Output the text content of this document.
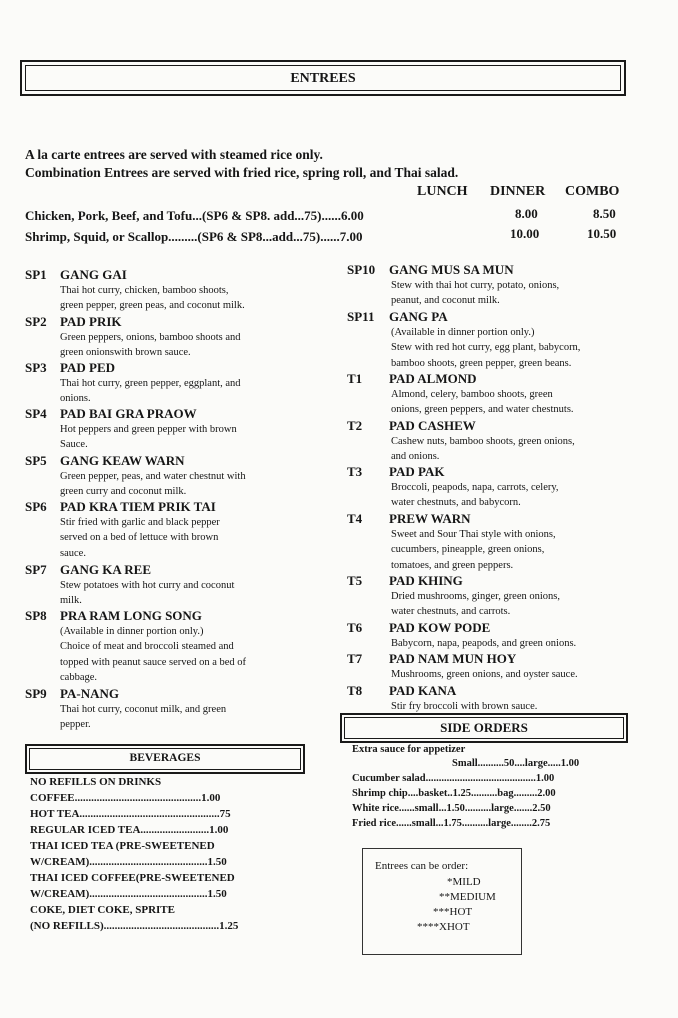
ENTREES
A la carte entrees are served with steamed rice only.
Combination Entrees are served with fried rice, spring roll, and Thai salad.
LUNCH DINNER COMBO
Chicken, Pork, Beef, and Tofu...(SP6 & SP8. add...75)......6.00	8.00	8.50
Shrimp, Squid, or Scallop.........(SP6 & SP8...add...75)......7.00	10.00	10.50
SP1 GANG GAI
Thai hot curry, chicken, bamboo shoots,
green pepper, green peas, and coconut milk.
SP2 PAD PRIK
Green peppers, onions, bamboo shoots and
green onionswith brown sauce.
SP3 PAD PED
Thai hot curry, green pepper, eggplant, and
onions.
SP4 PAD BAI GRA PRAOW
Hot peppers and green pepper with brown
Sauce.
SP5 GANG KEAW WARN
Green pepper, peas, and water chestnut with
green curry and coconut milk.
SP6 PAD KRA TIEM PRIK TAI
Stir fried with garlic and black pepper
served on a bed of lettuce with brown
sauce.
SP7 GANG KA REE
Stew potatoes with hot curry and coconut
milk.
SP8 PRA RAM LONG SONG
(Available in dinner portion only.)
Choice of meat and broccoli steamed and
topped with peanut sauce served on a bed of
cabbage.
SP9 PA-NANG
Thai hot curry, coconut milk, and green
pepper.
SP10 GANG MUS SA MUN
Stew with thai hot curry, potato, onions,
peanut, and coconut milk.
SP11 GANG PA
(Available in dinner portion only.)
Stew with red hot curry, egg plant, babycorn,
bamboo shoots, green pepper, green beans.
T1 PAD ALMOND
Almond, celery, bamboo shoots, green
onions, green peppers, and water chestnuts.
T2 PAD CASHEW
Cashew nuts, bamboo shoots, green onions,
and onions.
T3 PAD PAK
Broccoli, peapods, napa, carrots, celery,
water chestnuts, and babycorn.
T4 PREW WARN
Sweet and Sour Thai style with onions,
cucumbers, pineapple, green onions,
tomatoes, and green peppers.
T5 PAD KHING
Dried mushrooms, ginger, green onions,
water chestnuts, and carrots.
T6 PAD KOW PODE
Babycorn, napa, peapods, and green onions.
T7 PAD NAM MUN HOY
Mushrooms, green onions, and oyster sauce.
T8 PAD KANA
Stir fry broccoli with brown sauce.
BEVERAGES
NO REFILLS ON DRINKS
COFFEE..............................................1.00
HOT TEA...................................................75
REGULAR ICED TEA.........................1.00
THAI ICED TEA (PRE-SWEETENED
W/CREAM)...........................................1.50
THAI ICED COFFEE(PRE-SWEETENED
W/CREAM)...........................................1.50
COKE, DIET COKE, SPRITE
(NO REFILLS)..........................................1.25
SIDE ORDERS
Extra sauce for appetizer
Small..........50....large.....1.00
Cucumber salad..........................................1.00
Shrimp chip....basket..1.25..........bag.........2.00
White rice......small...1.50..........large.......2.50
Fried rice......small...1.75..........large........2.75
Entrees can be order:
*MILD
**MEDIUM
***HOT
****XHOT
